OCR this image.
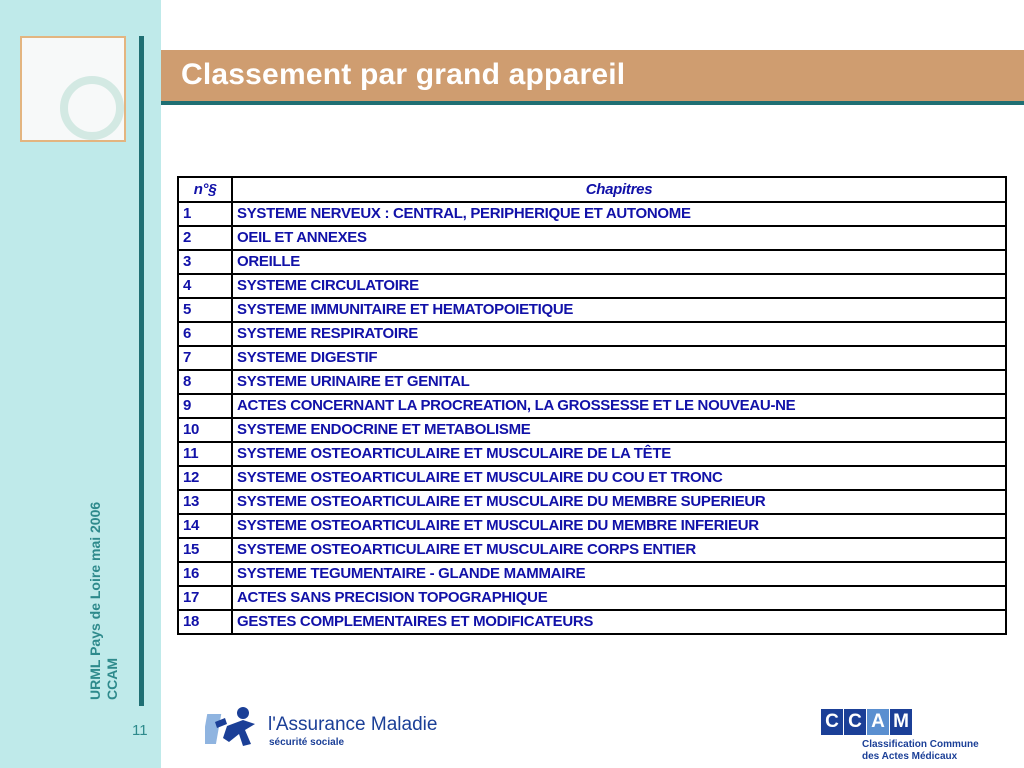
Classement par grand appareil
URML Pays de Loire mai 2006 CCAM
11
n°§	Chapitres
1	SYSTEME NERVEUX : CENTRAL, PERIPHERIQUE ET AUTONOME
2	OEIL ET ANNEXES
3	OREILLE
4	SYSTEME CIRCULATOIRE
5	SYSTEME IMMUNITAIRE ET HEMATOPOIETIQUE
6	SYSTEME RESPIRATOIRE
7	SYSTEME DIGESTIF
8	SYSTEME URINAIRE ET GENITAL
9	ACTES CONCERNANT LA PROCREATION, LA GROSSESSE ET LE NOUVEAU-NE
10	SYSTEME ENDOCRINE ET METABOLISME
11	SYSTEME OSTEOARTICULAIRE ET MUSCULAIRE DE LA TÊTE
12	SYSTEME OSTEOARTICULAIRE ET MUSCULAIRE DU COU ET TRONC
13	SYSTEME OSTEOARTICULAIRE ET MUSCULAIRE DU MEMBRE SUPERIEUR
14	SYSTEME OSTEOARTICULAIRE ET MUSCULAIRE DU MEMBRE INFERIEUR
15	SYSTEME OSTEOARTICULAIRE ET MUSCULAIRE CORPS ENTIER
16	SYSTEME TEGUMENTAIRE - GLANDE MAMMAIRE
17	ACTES SANS PRECISION TOPOGRAPHIQUE
18	GESTES COMPLEMENTAIRES ET MODIFICATEURS
l'Assurance Maladie
sécurité sociale
C C A M
Classification Commune
des Actes Médicaux
